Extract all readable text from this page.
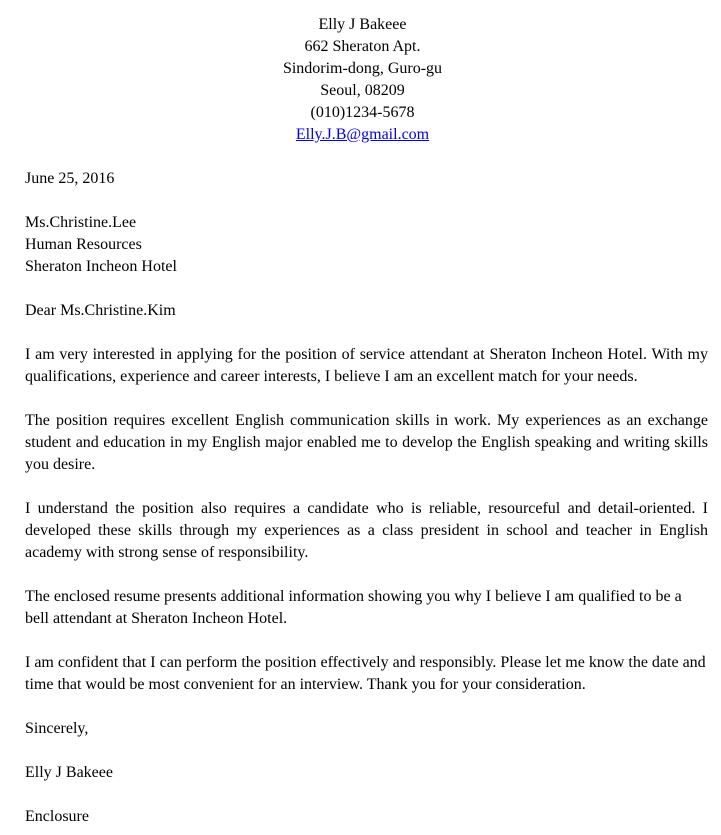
Elly J Bakeee
662 Sheraton Apt.
Sindorim-dong, Guro-gu
Seoul, 08209
(010)1234-5678
Elly.J.B@gmail.com
June 25, 2016
Ms.Christine.Lee
Human Resources
Sheraton Incheon Hotel
Dear Ms.Christine.Kim
I am very interested in applying for the position of service attendant at Sheraton Incheon Hotel. With my qualifications, experience and career interests, I believe I am an excellent match for your needs.
The position requires excellent English communication skills in work. My experiences as an exchange student and education in my English major enabled me to develop the English speaking and writing skills you desire.
I understand the position also requires a candidate who is reliable, resourceful and detail-oriented. I developed these skills through my experiences as a class president in school and teacher in English academy with strong sense of responsibility.
The enclosed resume presents additional information showing you why I believe I am qualified to be a bell attendant at Sheraton Incheon Hotel.
I am confident that I can perform the position effectively and responsibly. Please let me know the date and time that would be most convenient for an interview. Thank you for your consideration.
Sincerely,
Elly J Bakeee
Enclosure
